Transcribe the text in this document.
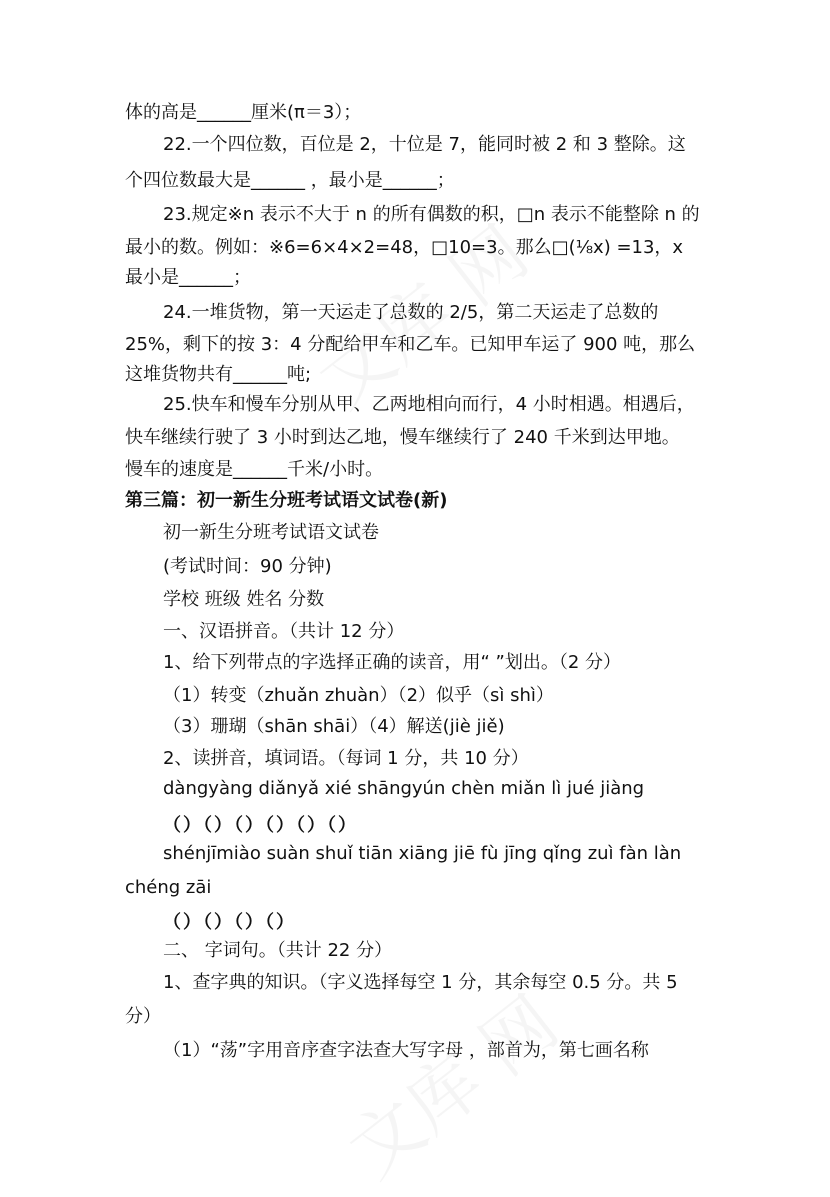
体的高是______厘米(π＝3）；
22.一个四位数，百位是 2，十位是 7，能同时被 2 和 3 整除。这
个四位数最大是______ ，最小是______；
23.规定※n 表示不大于 n 的所有偶数的积，□n 表示不能整除 n 的
最小的数。例如：※6=6×4×2=48，□10=3。那么□(⅛x) =13，x
最小是______；
24.一堆货物，第一天运走了总数的 2/5，第二天运走了总数的
25%，剩下的按 3：4 分配给甲车和乙车。已知甲车运了 900 吨，那么
这堆货物共有______吨;
25.快车和慢车分别从甲、乙两地相向而行，4 小时相遇。相遇后，
快车继续行驶了 3 小时到达乙地，慢车继续行了 240 千米到达甲地。
慢车的速度是______千米/小时。
第三篇：初一新生分班考试语文试卷(新)
初一新生分班考试语文试卷
(考试时间：90 分钟)
学校 班级 姓名 分数
一、汉语拼音。（共计 12 分）
1、给下列带点的字选择正确的读音，用“ ”划出。（2 分）
（1）转变（zhuǎn zhuàn）（2）似乎（sì shì）
（3）珊瑚（shān shāi）（4）解送(jiè jiě)
2、读拼音，填词语。（每词 1 分，共 10 分）
dàngyàng diǎnyǎ xié shāngyún chèn miǎn lì jué jiàng
（）（）（）（）（）（）
shénjīmiào suàn shuǐ tiān xiāng jiē fù jīng qǐng zuì fàn làn
chéng zāi
（）（）（）（）
二、 字词句。（共计 22 分）
1、查字典的知识。（字义选择每空 1 分，其余每空 0.5 分。共 5
分）
（1）“荡”字用音序查字法查大写字母 ，部首为，第七画名称
